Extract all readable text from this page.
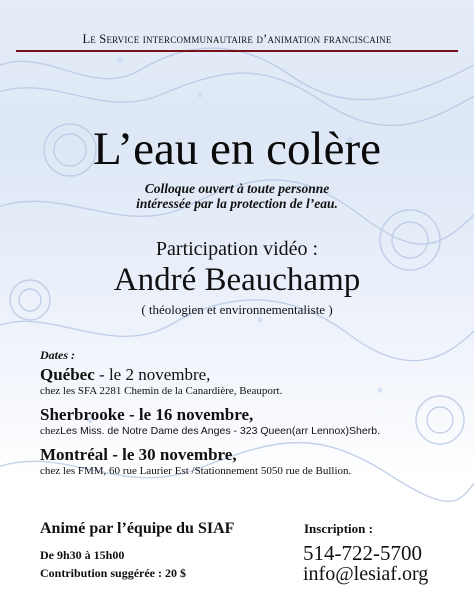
Le Service intercommunautaire d’animation franciscaine
L’eau en colère
Colloque ouvert à toute personne
intéressée par la protection de l’eau.
Participation vidéo :
André Beauchamp
( théologien et environnementaliste )
Dates :
Québec - le 2 novembre,
chez les SFA 2281 Chemin de la Canardière, Beauport.
Sherbrooke - le 16 novembre,
chezLes Miss. de Notre Dame des Anges - 323 Queen(arr Lennox)Sherb.
Montréal - le 30 novembre,
chez les FMM, 60 rue Laurier Est /Stationnement 5050 rue de Bullion.
Animé par l’équipe du SIAF
De 9h30 à 15h00
Contribution suggérée : 20 $
Inscription :
514-722-5700
info@lesiaf.org
